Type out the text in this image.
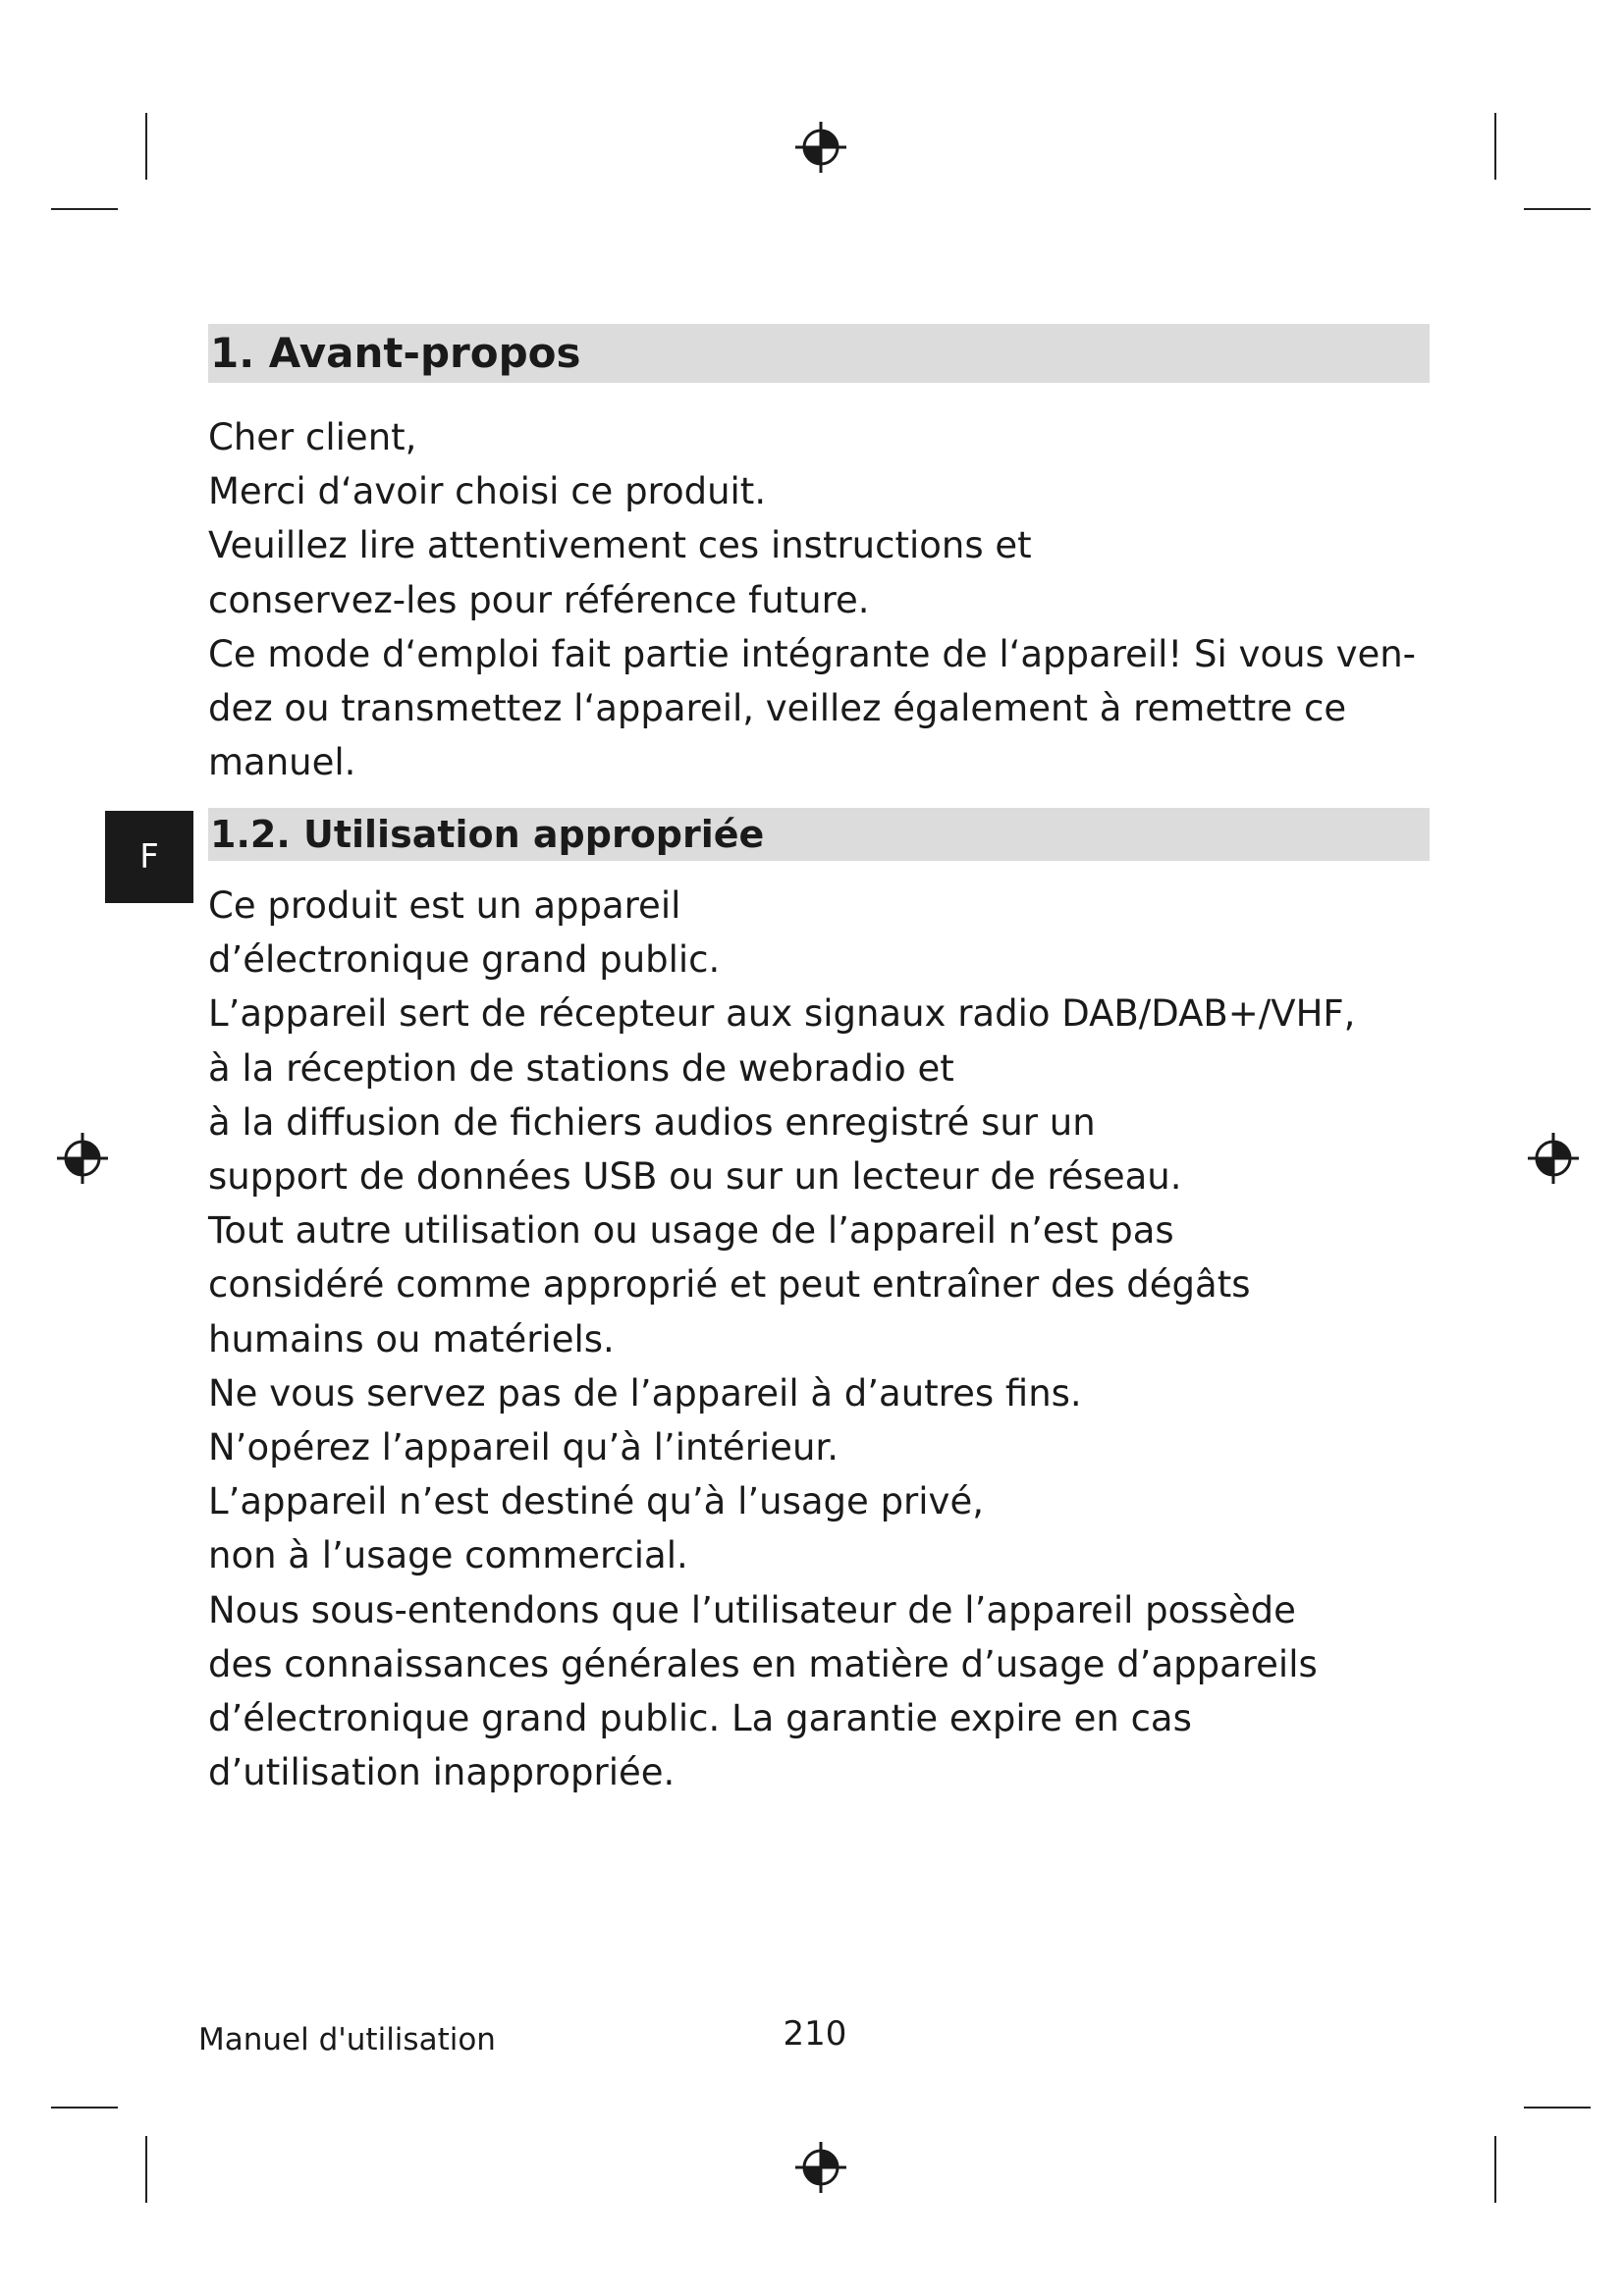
F
1. Avant-propos
Cher client,
Merci d‘avoir choisi ce produit.
Veuillez lire attentivement ces instructions et
conservez-les pour référence future.
Ce mode d‘emploi fait partie intégrante de l‘appareil! Si vous ven-
dez ou transmettez l‘appareil, veillez également à remettre ce
manuel.
1.2. Utilisation appropriée
Ce produit est un appareil
d’électronique grand public.
L’appareil sert de récepteur aux signaux radio DAB/DAB+/VHF,
à la réception de stations de webradio et
à la diffusion de fichiers audios enregistré sur un
support de données USB ou sur un lecteur de réseau.
Tout autre utilisation ou usage de l’appareil n’est pas
considéré comme approprié et peut entraîner des dégâts
humains ou matériels.
Ne vous servez pas de l’appareil à d’autres fins.
N’opérez l’appareil qu’à l’intérieur.
L’appareil n’est destiné qu’à l’usage privé,
non à l’usage commercial.
Nous sous-entendons que l’utilisateur de l’appareil possède
des connaissances générales en matière d’usage d’appareils
d’électronique grand public. La garantie expire en cas
d’utilisation inappropriée.
Manuel d'utilisation	210
